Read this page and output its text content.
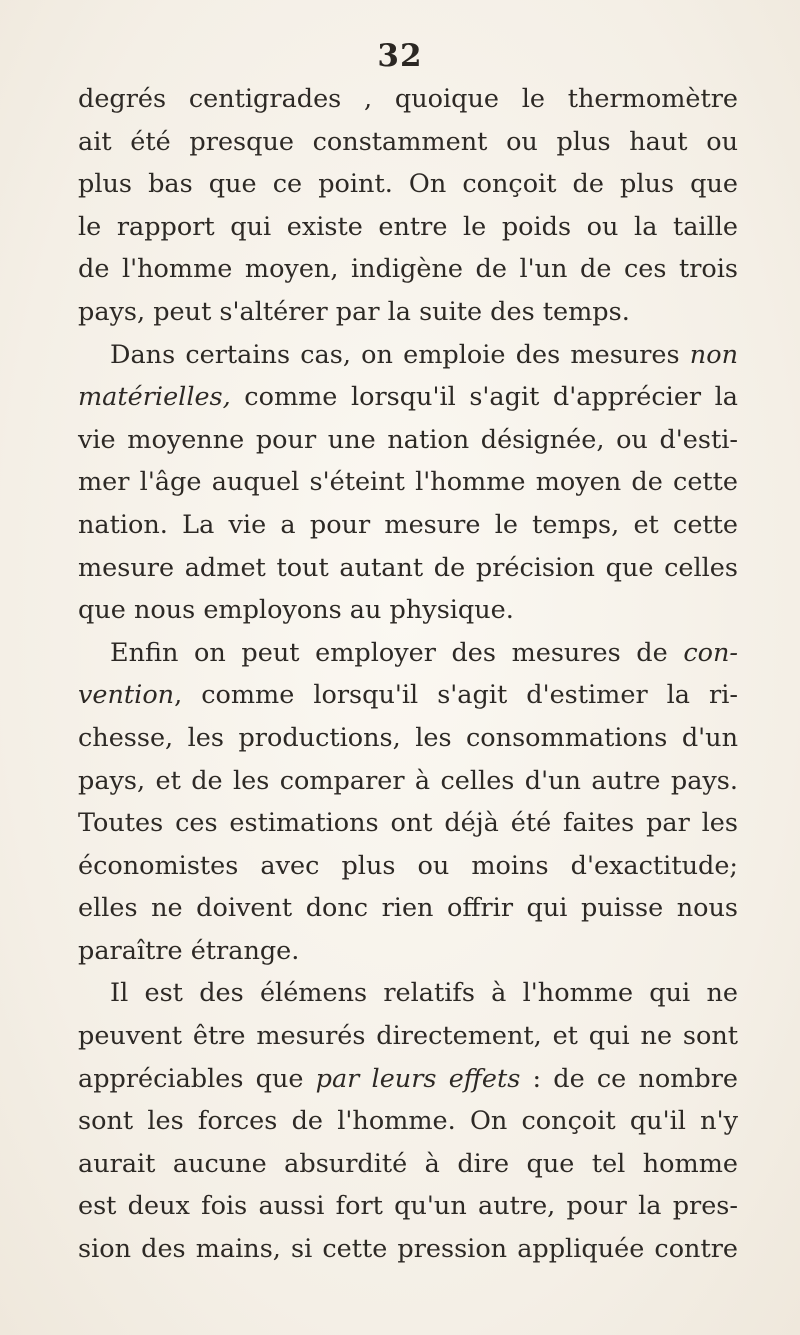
32
degrés centigrades , quoique le thermomètre
ait été presque constamment ou plus haut ou
plus bas que ce point. On conçoit de plus que
le rapport qui existe entre le poids ou la taille
de l'homme moyen, indigène de l'un de ces trois
pays, peut s'altérer par la suite des temps.
Dans certains cas, on emploie des mesures non
matérielles, comme lorsqu'il s'agit d'apprécier la
vie moyenne pour une nation désignée, ou d'esti-
mer l'âge auquel s'éteint l'homme moyen de cette
nation. La vie a pour mesure le temps, et cette
mesure admet tout autant de précision que celles
que nous employons au physique.
Enfin on peut employer des mesures de con-
vention, comme lorsqu'il s'agit d'estimer la ri-
chesse, les productions, les consommations d'un
pays, et de les comparer à celles d'un autre pays.
Toutes ces estimations ont déjà été faites par les
économistes avec plus ou moins d'exactitude;
elles ne doivent donc rien offrir qui puisse nous
paraître étrange.
Il est des élémens relatifs à l'homme qui ne
peuvent être mesurés directement, et qui ne sont
appréciables que par leurs effets : de ce nombre
sont les forces de l'homme. On conçoit qu'il n'y
aurait aucune absurdité à dire que tel homme
est deux fois aussi fort qu'un autre, pour la pres-
sion des mains, si cette pression appliquée contre
